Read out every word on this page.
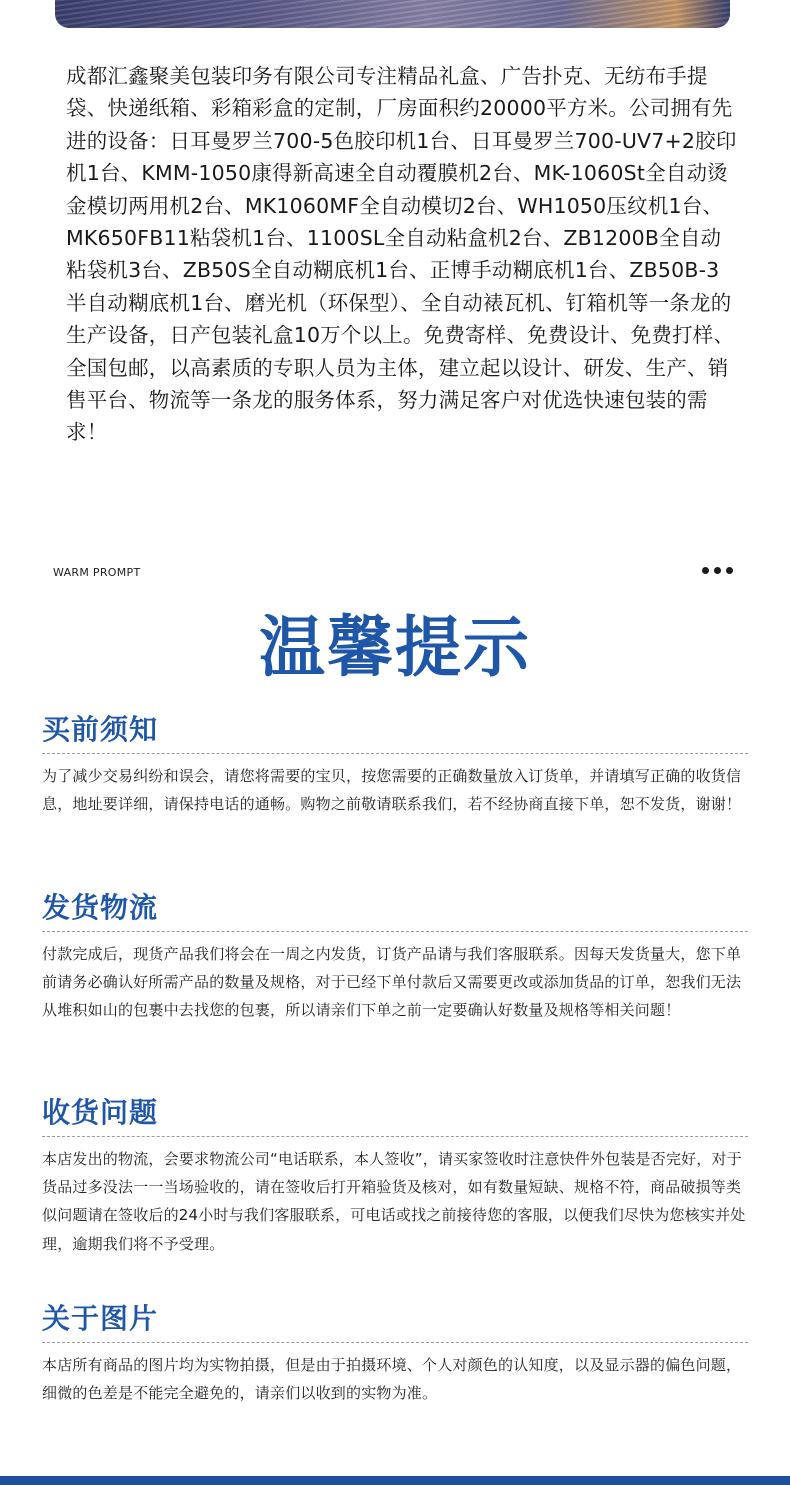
成都汇鑫聚美包装印务有限公司专注精品礼盒、广告扑克、无纺布手提袋、快递纸箱、彩箱彩盒的定制，厂房面积约20000平方米。公司拥有先进的设备：日耳曼罗兰700-5色胶印机1台、日耳曼罗兰700-UV7+2胶印机1台、KMM-1050康得新高速全自动覆膜机2台、MK-1060St全自动烫金模切两用机2台、MK1060MF全自动模切2台、WH1050压纹机1台、MK650FB11粘袋机1台、1100SL全自动粘盒机2台、ZB1200B全自动粘袋机3台、ZB50S全自动糊底机1台、正博手动糊底机1台、ZB50B-3半自动糊底机1台、磨光机（环保型）、全自动裱瓦机、钉箱机等一条龙的生产设备，日产包装礼盒10万个以上。免费寄样、免费设计、免费打样、全国包邮，以高素质的专职人员为主体，建立起以设计、研发、生产、销售平台、物流等一条龙的服务体系，努力满足客户对优选快速包装的需求！

WARM PROMPT
温馨提示
买前须知

为了减少交易纠纷和误会，请您将需要的宝贝，按您需要的正确数量放入订货单，并请填写正确的收货信息，地址要详细，请保持电话的通畅。购物之前敬请联系我们，若不经协商直接下单，恕不发货，谢谢！

发货物流

付款完成后，现货产品我们将会在一周之内发货，订货产品请与我们客服联系。因每天发货量大，您下单前请务必确认好所需产品的数量及规格，对于已经下单付款后又需要更改或添加货品的订单，恕我们无法从堆积如山的包裹中去找您的包裹，所以请亲们下单之前一定要确认好数量及规格等相关问题！

收货问题

本店发出的物流，会要求物流公司“电话联系，本人签收”，请买家签收时注意快件外包装是否完好，对于货品过多没法一一当场验收的，请在签收后打开箱验货及核对，如有数量短缺、规格不符，商品破损等类似问题请在签收后的24小时与我们客服联系，可电话或找之前接待您的客服，以便我们尽快为您核实并处理，逾期我们将不予受理。

关于图片

本店所有商品的图片均为实物拍摄，但是由于拍摄环境、个人对颜色的认知度，以及显示器的偏色问题，细微的色差是不能完全避免的，请亲们以收到的实物为准。
